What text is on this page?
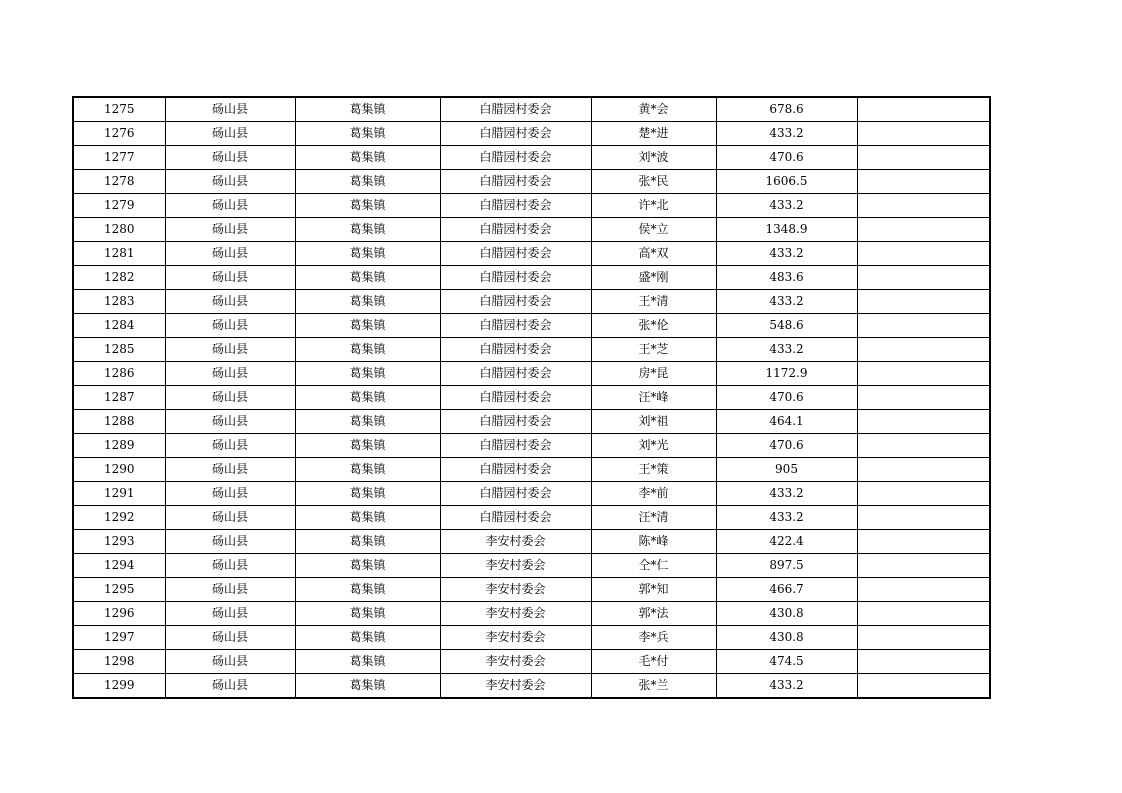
1275	砀山县	葛集镇	白腊园村委会	黄*会	678.6	
1276	砀山县	葛集镇	白腊园村委会	楚*进	433.2	
1277	砀山县	葛集镇	白腊园村委会	刘*波	470.6	
1278	砀山县	葛集镇	白腊园村委会	张*民	1606.5	
1279	砀山县	葛集镇	白腊园村委会	许*北	433.2	
1280	砀山县	葛集镇	白腊园村委会	侯*立	1348.9	
1281	砀山县	葛集镇	白腊园村委会	高*双	433.2	
1282	砀山县	葛集镇	白腊园村委会	盛*刚	483.6	
1283	砀山县	葛集镇	白腊园村委会	王*清	433.2	
1284	砀山县	葛集镇	白腊园村委会	张*伦	548.6	
1285	砀山县	葛集镇	白腊园村委会	王*芝	433.2	
1286	砀山县	葛集镇	白腊园村委会	房*昆	1172.9	
1287	砀山县	葛集镇	白腊园村委会	汪*峰	470.6	
1288	砀山县	葛集镇	白腊园村委会	刘*祖	464.1	
1289	砀山县	葛集镇	白腊园村委会	刘*光	470.6	
1290	砀山县	葛集镇	白腊园村委会	王*策	905	
1291	砀山县	葛集镇	白腊园村委会	李*前	433.2	
1292	砀山县	葛集镇	白腊园村委会	汪*清	433.2	
1293	砀山县	葛集镇	李安村委会	陈*峰	422.4	
1294	砀山县	葛集镇	李安村委会	仝*仁	897.5	
1295	砀山县	葛集镇	李安村委会	郭*知	466.7	
1296	砀山县	葛集镇	李安村委会	郭*法	430.8	
1297	砀山县	葛集镇	李安村委会	李*兵	430.8	
1298	砀山县	葛集镇	李安村委会	毛*付	474.5	
1299	砀山县	葛集镇	李安村委会	张*兰	433.2	
